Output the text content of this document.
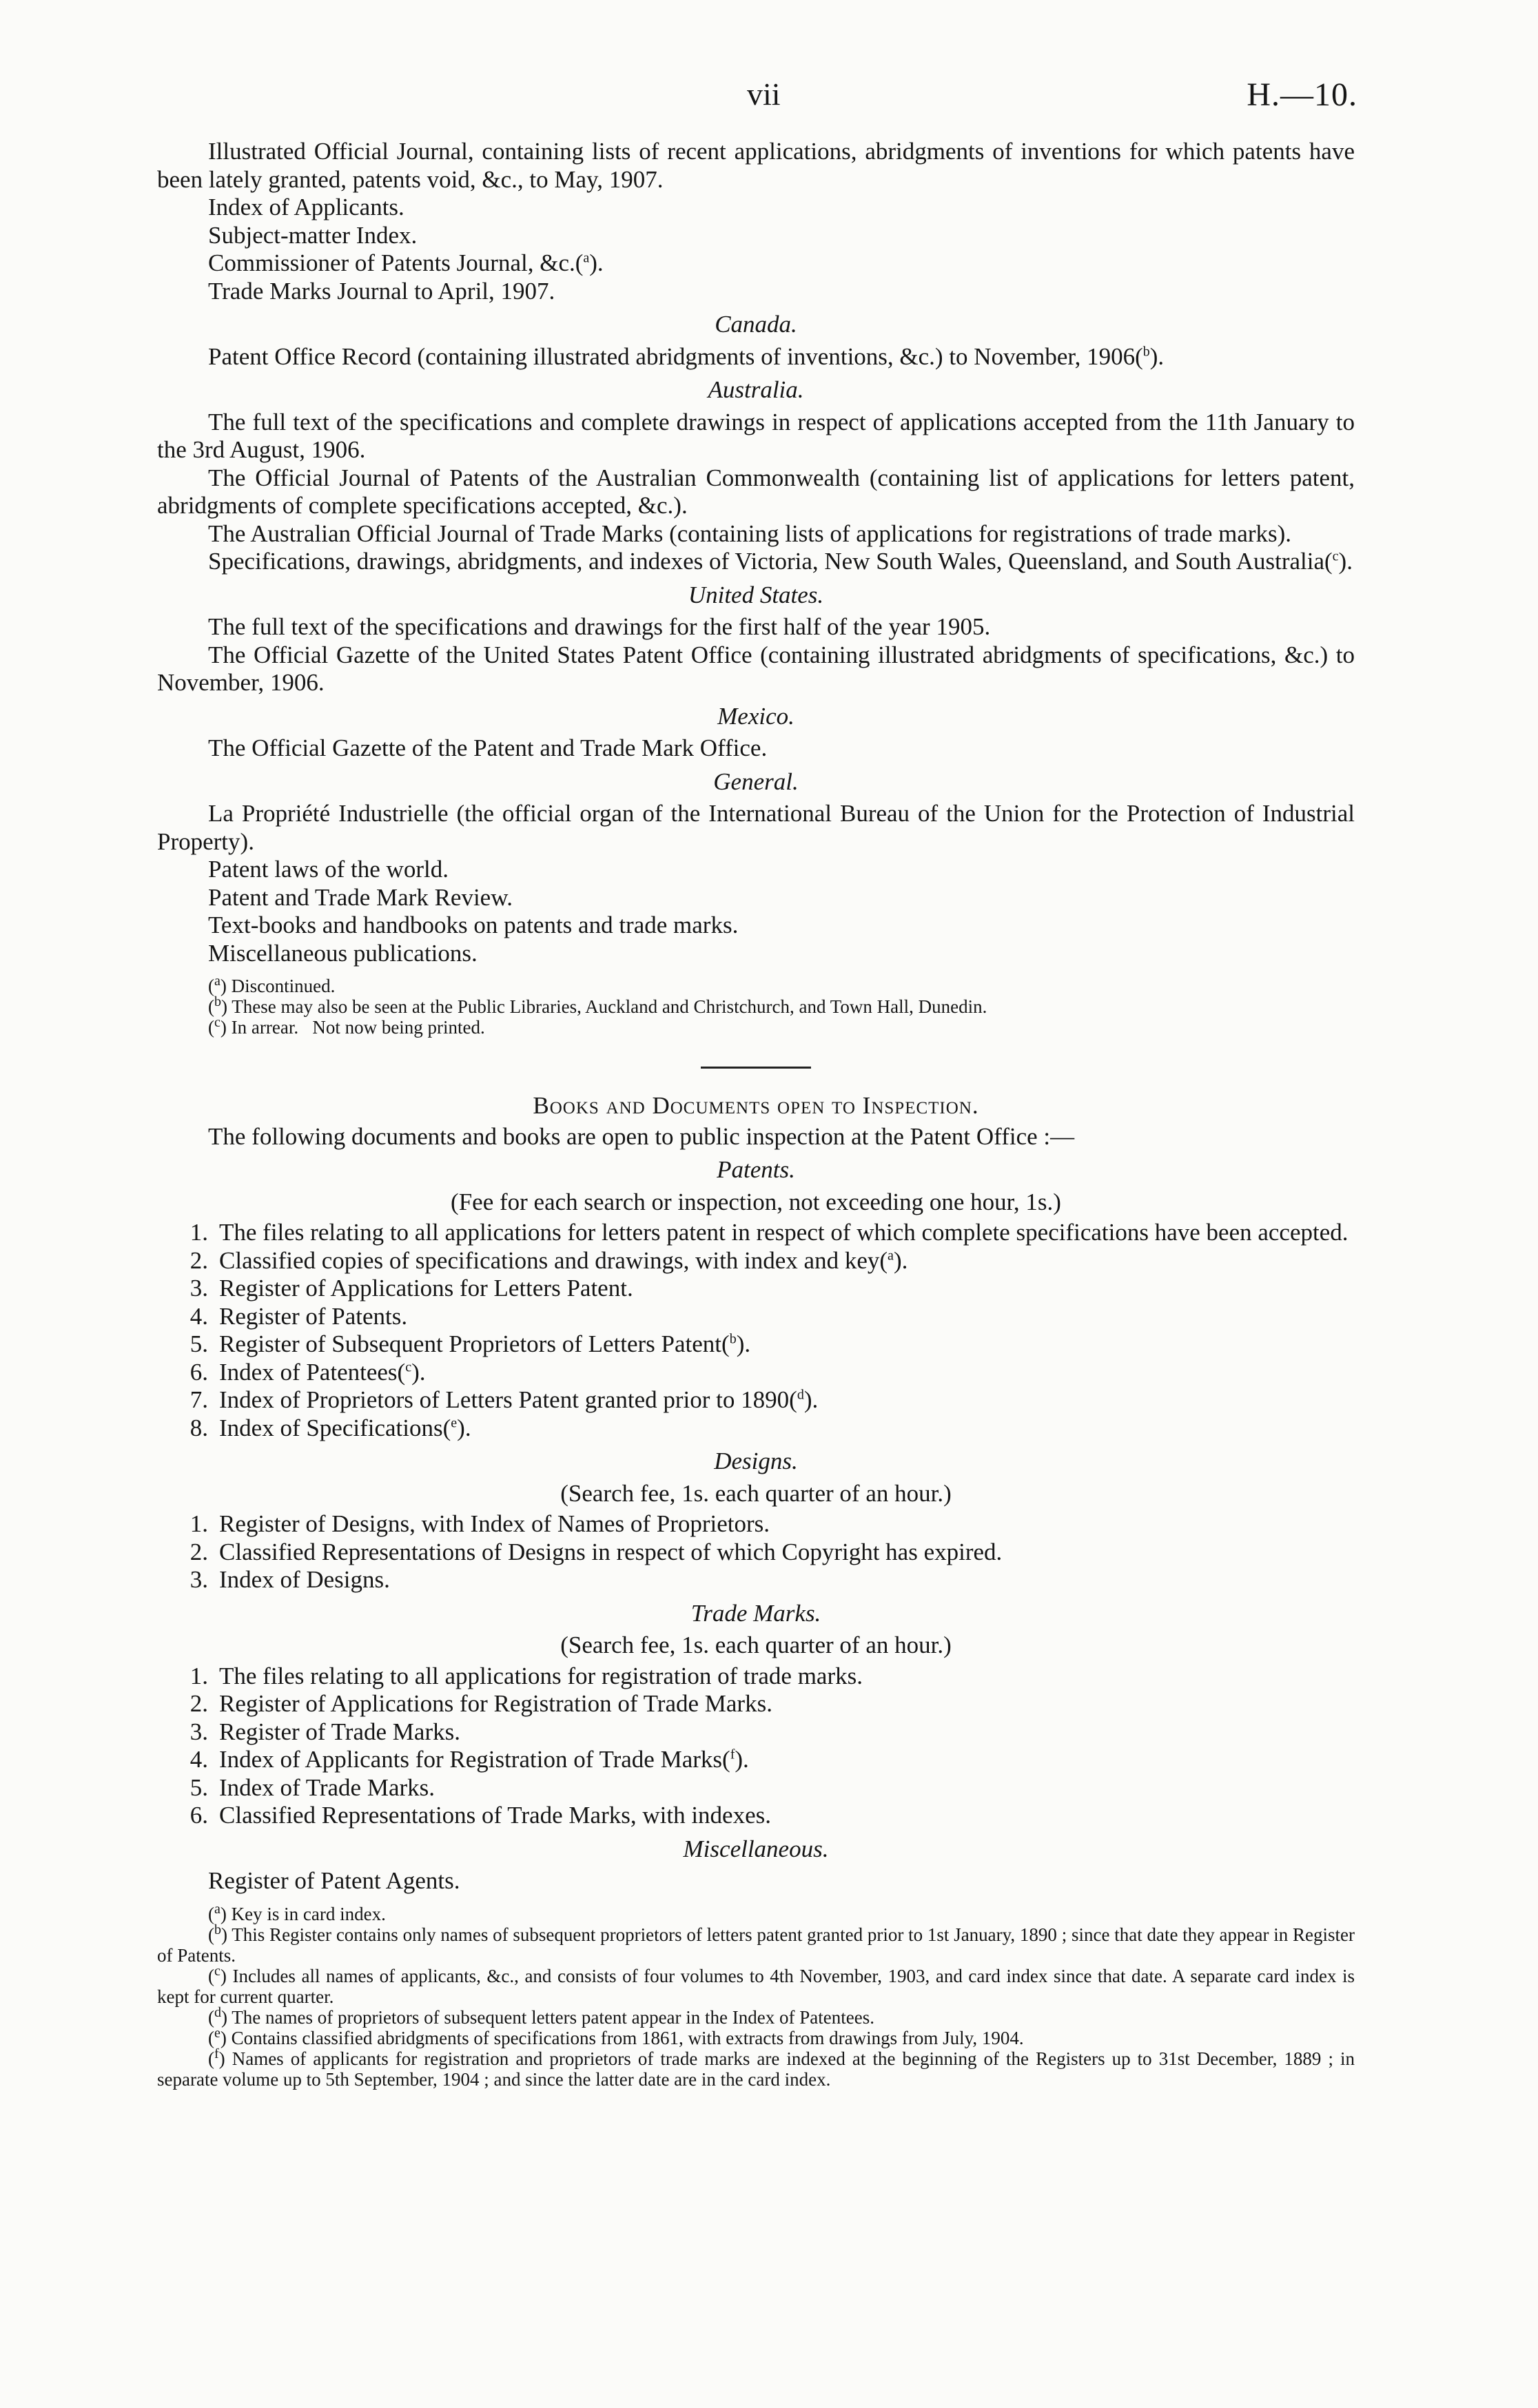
vii	H.—10.

Illustrated Official Journal, containing lists of recent applications, abridgments of inventions for which patents have been lately granted, patents void, &c., to May, 1907.

Index of Applicants.

Subject-matter Index.

Commissioner of Patents Journal, &c.($^a$).

Trade Marks Journal to April, 1907.

Canada.

Patent Office Record (containing illustrated abridgments of inventions, &c.) to November, 1906($^b$).

Australia.

The full text of the specifications and complete drawings in respect of applications accepted from the 11th January to the 3rd August, 1906.

The Official Journal of Patents of the Australian Commonwealth (containing list of applications for letters patent, abridgments of complete specifications accepted, &c.).

The Australian Official Journal of Trade Marks (containing lists of applications for registrations of trade marks).

Specifications, drawings, abridgments, and indexes of Victoria, New South Wales, Queensland, and South Australia($^c$).

United States.

The full text of the specifications and drawings for the first half of the year 1905.

The Official Gazette of the United States Patent Office (containing illustrated abridgments of specifications, &c.) to November, 1906.

Mexico.

The Official Gazette of the Patent and Trade Mark Office.

General.

La Propriété Industrielle (the official organ of the International Bureau of the Union for the Protection of Industrial Property).

Patent laws of the world.

Patent and Trade Mark Review.

Text-books and handbooks on patents and trade marks.

Miscellaneous publications.

($^a$) Discontinued.

($^b$) These may also be seen at the Public Libraries, Auckland and Christchurch, and Town Hall, Dunedin.

($^c$) In arrear.   Not now being printed.

Books and Documents open to Inspection.

The following documents and books are open to public inspection at the Patent Office :—

Patents.
(Fee for each search or inspection, not exceeding one hour, 1s.)
1. The files relating to all applications for letters patent in respect of which complete specifications have been accepted.
2. Classified copies of specifications and drawings, with index and key($^a$).
3. Register of Applications for Letters Patent.
4. Register of Patents.
5. Register of Subsequent Proprietors of Letters Patent($^b$).
6. Index of Patentees($^c$).
7. Index of Proprietors of Letters Patent granted prior to 1890($^d$).
8. Index of Specifications($^e$).
Designs.
(Search fee, 1s. each quarter of an hour.)
1. Register of Designs, with Index of Names of Proprietors.
2. Classified Representations of Designs in respect of which Copyright has expired.
3. Index of Designs.
Trade Marks.
(Search fee, 1s. each quarter of an hour.)
1. The files relating to all applications for registration of trade marks.
2. Register of Applications for Registration of Trade Marks.
3. Register of Trade Marks.
4. Index of Applicants for Registration of Trade Marks($^f$).
5. Index of Trade Marks.
6. Classified Representations of Trade Marks, with indexes.
Miscellaneous.

Register of Patent Agents.

($^a$) Key is in card index.

($^b$) This Register contains only names of subsequent proprietors of letters patent granted prior to 1st January, 1890 ; since that date they appear in Register of Patents.

($^c$) Includes all names of applicants, &c., and consists of four volumes to 4th November, 1903, and card index since that date. A separate card index is kept for current quarter.

($^d$) The names of proprietors of subsequent letters patent appear in the Index of Patentees.

($^e$) Contains classified abridgments of specifications from 1861, with extracts from drawings from July, 1904.

($^f$) Names of applicants for registration and proprietors of trade marks are indexed at the beginning of the Registers up to 31st December, 1889 ; in separate volume up to 5th September, 1904 ; and since the latter date are in the card index.
